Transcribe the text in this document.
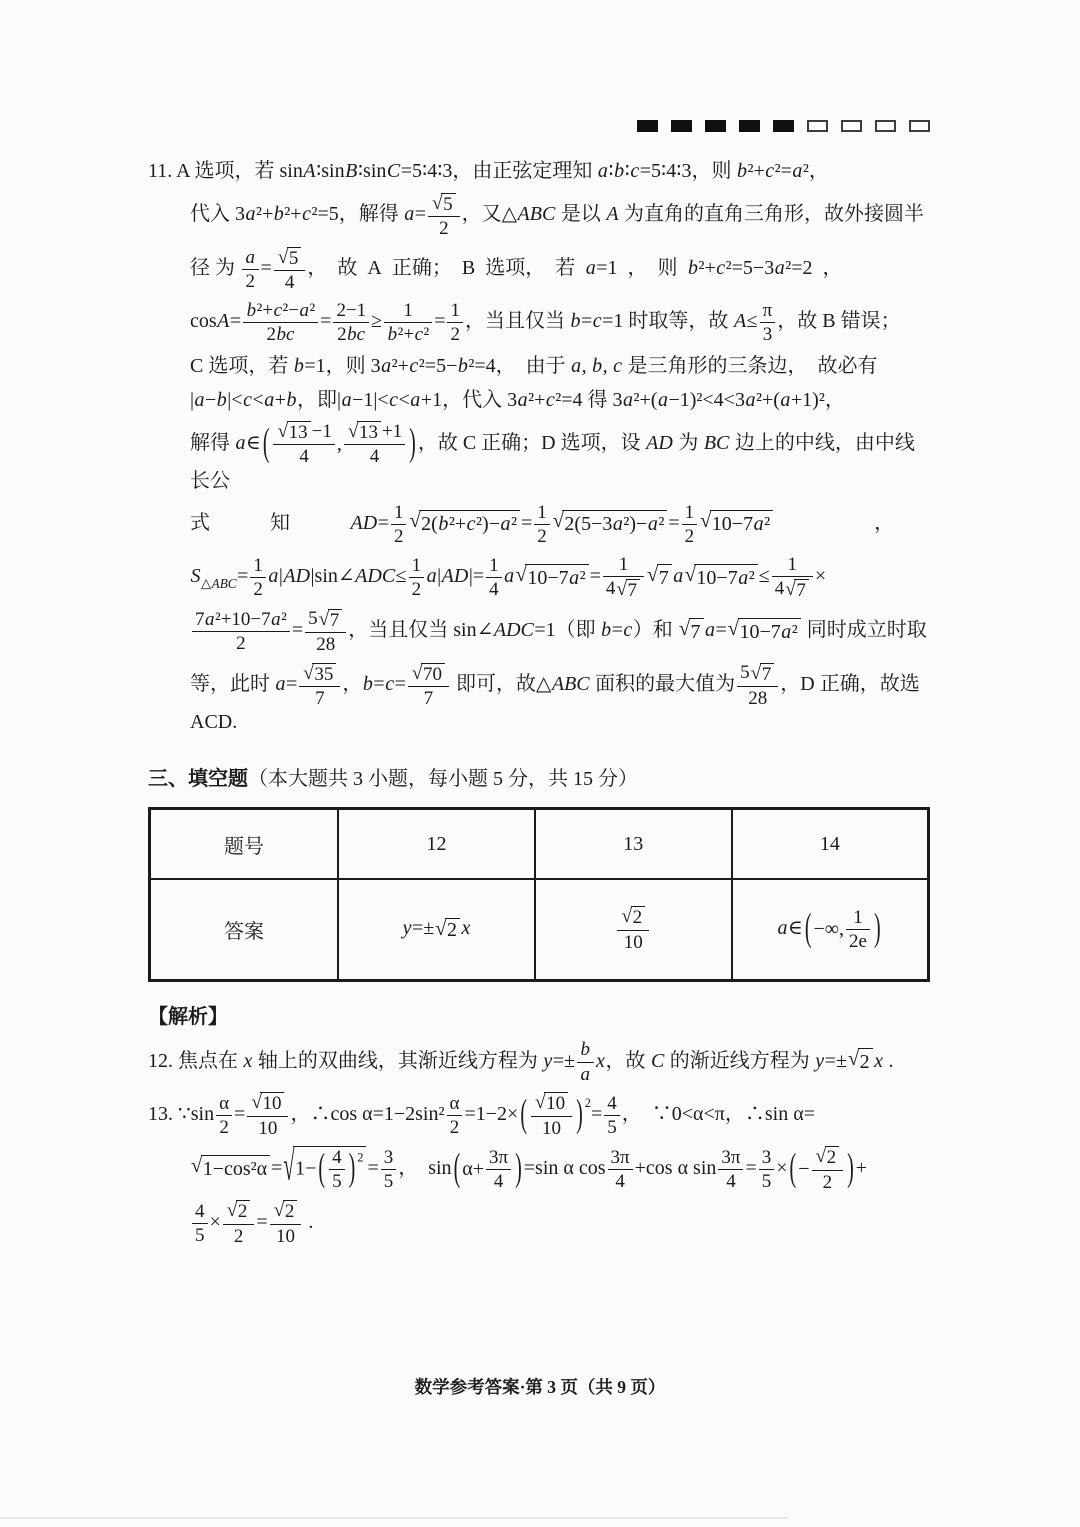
11. A 选项，若 sinA∶sinB∶sinC=5∶4∶3，由正弦定理知 a∶b∶c=5∶4∶3，则 b²+c²=a²，
代入 3a²+b²+c²=5，解得 $a= \frac{√ 5}{2}$ ，又△ABC 是以 A 为直角的直角三角形，故外接圆半
径 为 $\frac{a}{2} = \frac{√ 5}{4}$ ， 故 A 正确； B 选项， 若 a=1 ， 则 b²+c²=5−3a²=2 ，
$\cos A= \frac{\text{b²+c²−a²}}{2bc} = \frac{2-1}{2bc} \ge \frac{1}{\text{b²+c²}} = \frac{1}{2}$ ，当且仅当 b=c=1 时取等，故 $A\le \frac{\pi}{3}$ ，故 B 错误；
C 选项，若 b=1，则 3a²+c²=5−b²=4， 由于 a, b, c 是三角形的三条边， 故必有
|a−b|<c<a+b，即|a−1|<c<a+1，代入 3a²+c²=4 得 3a²+(a−1)²<4<3a²+(a+1)²，
解得 a∈ ( $\frac{√ 13 -1}{4}$ , $\frac{√ 13 +1}{4}$ ) ，故 C 正确；D 选项，设 AD 为 BC 边上的中线，由中线长公
式   知   $AD= \frac{1}{2}$ √ $2(b^2+c^2)-a^2 = \frac{1}{2}$ √ $2(5-3a^2)-a^2 = \frac{1}{2}$ √ 10−7a²      ，
$S_{\triangle ABC}= \frac{1}{2}$ a|AD|sin∠ADC≤ $\frac{1}{2} a|AD|= \frac{1}{4}$ a √ $10-7a^2 = \frac{1}{4 √ 7}$ √ 7 a √ $10-7a^2 \le \frac{1}{4 √ 7}$ ×
$\frac{\text{7a²+10−7a²}}{2} = \frac{5 √ 7}{28}$ ，当且仅当 sin∠ADC=1（即 b=c）和 √ 7 a= √ 10−7a² 同时成立时取
等，此时 $a= \frac{√ 35}{7}$ ，$b=c= \frac{√ 70}{7}$ 即可，故△ABC 面积的最大值为 $\frac{5 √ 7}{28}$ ，D 正确，故选 ACD.
三、填空题（本大题共 3 小题，每小题 5 分，共 15 分）
题号	12	13	14
答案	y=± √ 2 x	$\frac{√ 2}{10}$	a∈ ( −∞, $\frac{1}{2e}$ )
【解析】
12. 焦点在 x 轴上的双曲线，其渐近线方程为 $y=\pm \frac{b}{a}$ x，故 C 的渐近线方程为 y=± √ 2 x .
13. ∵sin $\frac{\alpha}{2} = \frac{√ 10}{10}$ ，∴cos $\alpha=1-2\sin^2 \frac{\alpha}{2} =1-2\times$ ( $\frac{√ 10}{10}$ ) $^2= \frac{4}{5}$ ， ∵0<α<π，∴sin α=
√ 1−cos²α = √ 1− ( $\frac{4}{5}$ ) $^2 = \frac{3}{5}$ ， sin ( $\alpha+ \frac{3\pi}{4}$ ) =sin α $\cos \frac{3\pi}{4} +\cos$ α $\sin \frac{3\pi}{4} = \frac{3}{5}$ × ( − $\frac{√ 2}{2}$ ) +
$\frac{4}{5} \times \frac{√ 2}{2} = \frac{√ 2}{10}$ .
数学参考答案·第 3 页（共 9 页）
